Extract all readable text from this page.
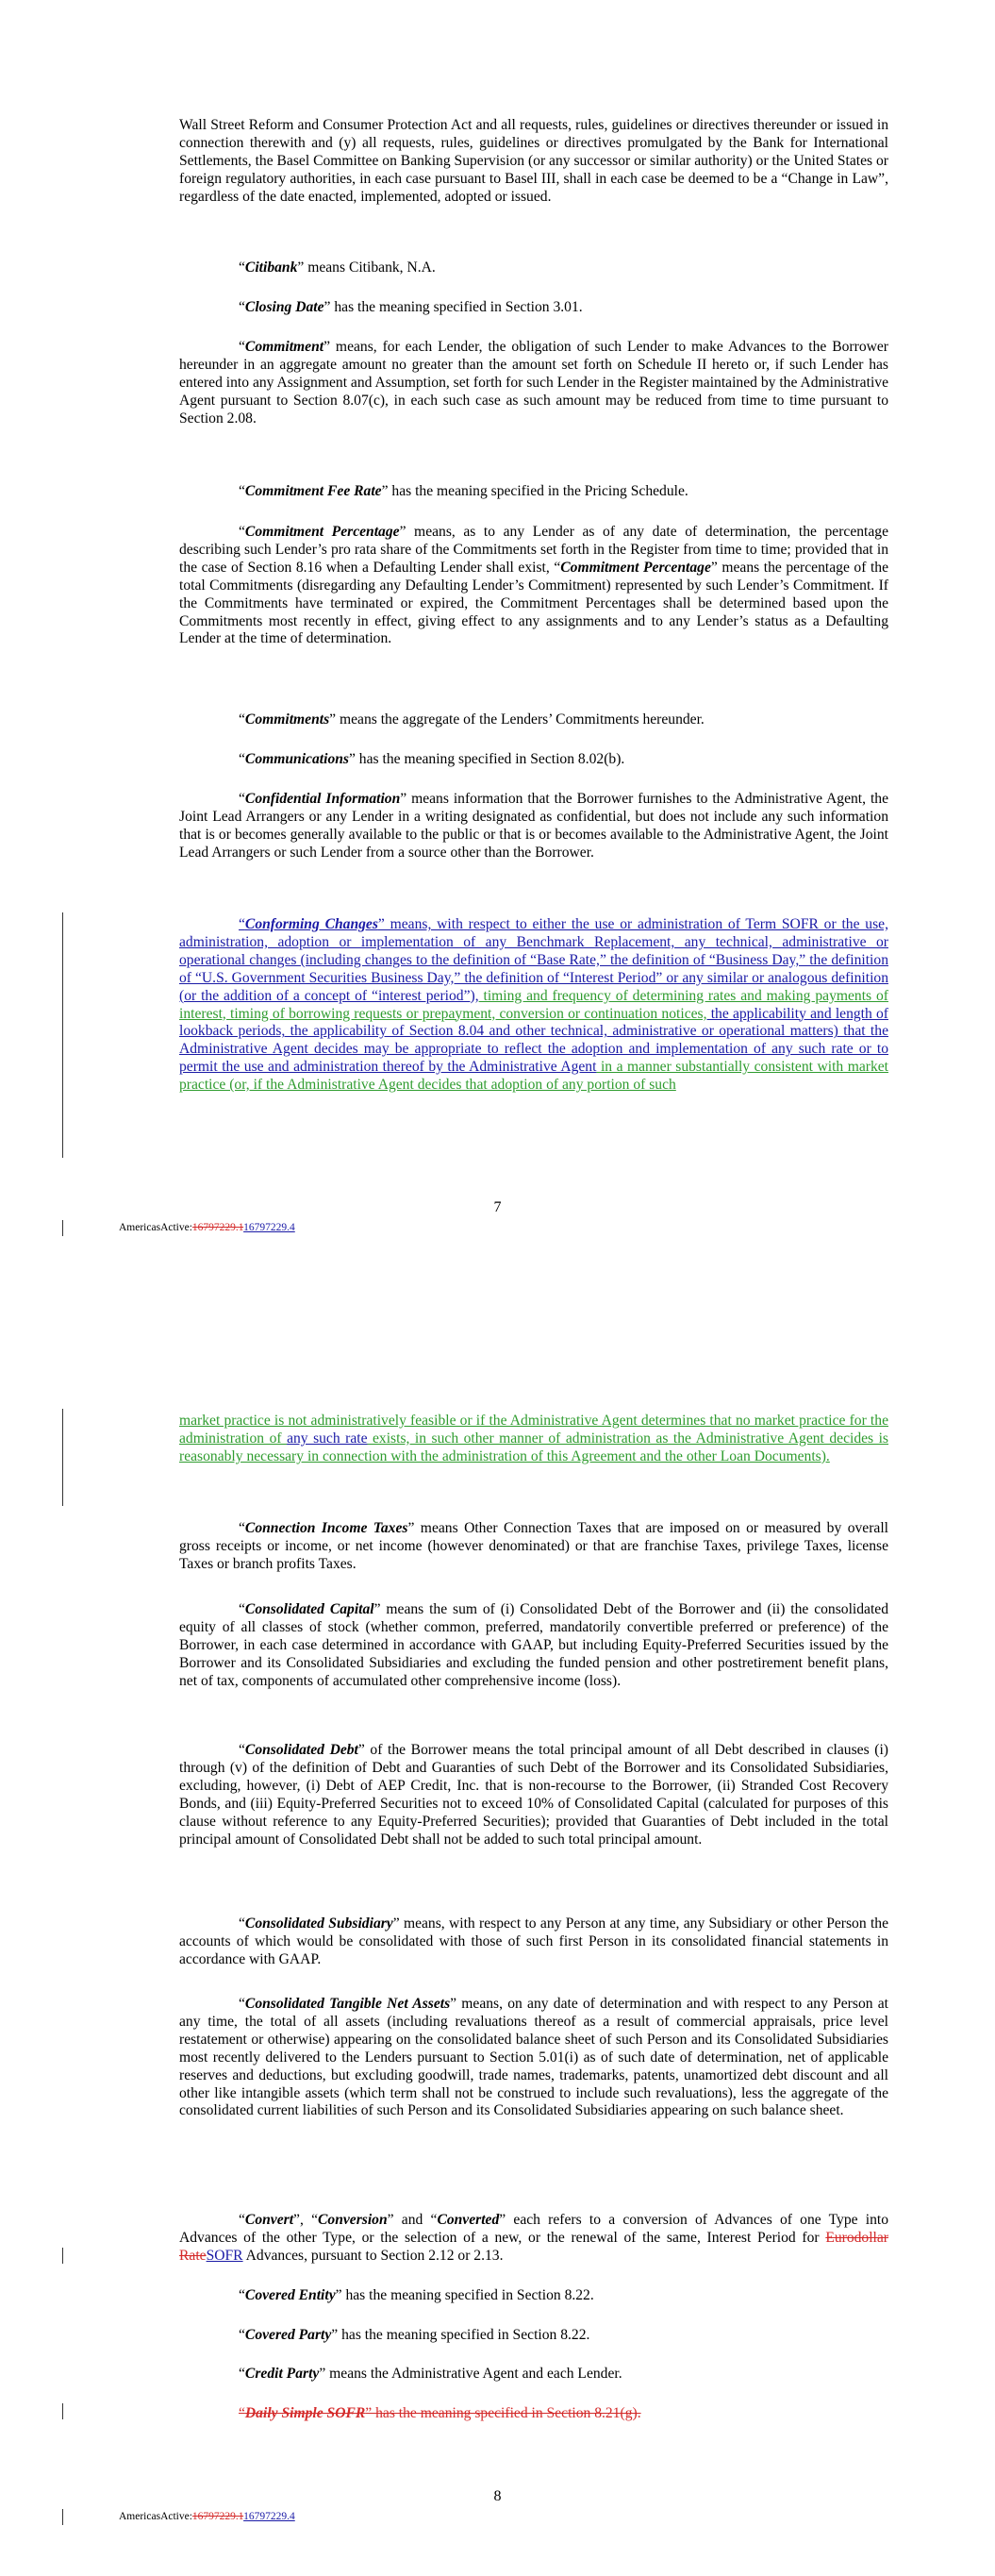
Wall Street Reform and Consumer Protection Act and all requests, rules, guidelines or directives thereunder or issued in connection therewith and (y) all requests, rules, guidelines or directives promulgated by the Bank for International Settlements, the Basel Committee on Banking Supervision (or any successor or similar authority) or the United States or foreign regulatory authorities, in each case pursuant to Basel III, shall in each case be deemed to be a “Change in Law”, regardless of the date enacted, implemented, adopted or issued.

“Citibank” means Citibank, N.A.

“Closing Date” has the meaning specified in Section 3.01.

“Commitment” means, for each Lender, the obligation of such Lender to make Advances to the Borrower hereunder in an aggregate amount no greater than the amount set forth on Schedule II hereto or, if such Lender has entered into any Assignment and Assumption, set forth for such Lender in the Register maintained by the Administrative Agent pursuant to Section 8.07(c), in each such case as such amount may be reduced from time to time pursuant to Section 2.08.

“Commitment Fee Rate” has the meaning specified in the Pricing Schedule.

“Commitment Percentage” means, as to any Lender as of any date of determination, the percentage describing such Lender’s pro rata share of the Commitments set forth in the Register from time to time; provided that in the case of Section 8.16 when a Defaulting Lender shall exist, “Commitment Percentage” means the percentage of the total Commitments (disregarding any Defaulting Lender’s Commitment) represented by such Lender’s Commitment. If the Commitments have terminated or expired, the Commitment Percentages shall be determined based upon the Commitments most recently in effect, giving effect to any assignments and to any Lender’s status as a Defaulting Lender at the time of determination.

“Commitments” means the aggregate of the Lenders’ Commitments hereunder.

“Communications” has the meaning specified in Section 8.02(b).

“Confidential Information” means information that the Borrower furnishes to the Administrative Agent, the Joint Lead Arrangers or any Lender in a writing designated as confidential, but does not include any such information that is or becomes generally available to the public or that is or becomes available to the Administrative Agent, the Joint Lead Arrangers or such Lender from a source other than the Borrower.

“Conforming Changes” means, with respect to either the use or administration of Term SOFR or the use, administration, adoption or implementation of any Benchmark Replacement, any technical, administrative or operational changes (including changes to the definition of “Base Rate,” the definition of “Business Day,” the definition of “U.S. Government Securities Business Day,” the definition of “Interest Period” or any similar or analogous definition (or the addition of a concept of “interest period”), timing and frequency of determining rates and making payments of interest, timing of borrowing requests or prepayment, conversion or continuation notices, the applicability and length of lookback periods, the applicability of Section 8.04 and other technical, administrative or operational matters) that the Administrative Agent decides may be appropriate to reflect the adoption and implementation of any such rate or to permit the use and administration thereof by the Administrative Agent in a manner substantially consistent with market practice (or, if the Administrative Agent decides that adoption of any portion of such

7
AmericasActive:16797229.116797229.4

market practice is not administratively feasible or if the Administrative Agent determines that no market practice for the administration of any such rate exists, in such other manner of administration as the Administrative Agent decides is reasonably necessary in connection with the administration of this Agreement and the other Loan Documents).

“Connection Income Taxes” means Other Connection Taxes that are imposed on or measured by overall gross receipts or income, or net income (however denominated) or that are franchise Taxes, privilege Taxes, license Taxes or branch profits Taxes.

“Consolidated Capital” means the sum of (i) Consolidated Debt of the Borrower and (ii) the consolidated equity of all classes of stock (whether common, preferred, mandatorily convertible preferred or preference) of the Borrower, in each case determined in accordance with GAAP, but including Equity-Preferred Securities issued by the Borrower and its Consolidated Subsidiaries and excluding the funded pension and other postretirement benefit plans, net of tax, components of accumulated other comprehensive income (loss).

“Consolidated Debt” of the Borrower means the total principal amount of all Debt described in clauses (i) through (v) of the definition of Debt and Guaranties of such Debt of the Borrower and its Consolidated Subsidiaries, excluding, however, (i) Debt of AEP Credit, Inc. that is non-recourse to the Borrower, (ii) Stranded Cost Recovery Bonds, and (iii) Equity-Preferred Securities not to exceed 10% of Consolidated Capital (calculated for purposes of this clause without reference to any Equity-Preferred Securities); provided that Guaranties of Debt included in the total principal amount of Consolidated Debt shall not be added to such total principal amount.

“Consolidated Subsidiary” means, with respect to any Person at any time, any Subsidiary or other Person the accounts of which would be consolidated with those of such first Person in its consolidated financial statements in accordance with GAAP.

“Consolidated Tangible Net Assets” means, on any date of determination and with respect to any Person at any time, the total of all assets (including revaluations thereof as a result of commercial appraisals, price level restatement or otherwise) appearing on the consolidated balance sheet of such Person and its Consolidated Subsidiaries most recently delivered to the Lenders pursuant to Section 5.01(i) as of such date of determination, net of applicable reserves and deductions, but excluding goodwill, trade names, trademarks, patents, unamortized debt discount and all other like intangible assets (which term shall not be construed to include such revaluations), less the aggregate of the consolidated current liabilities of such Person and its Consolidated Subsidiaries appearing on such balance sheet.

“Convert”, “Conversion” and “Converted” each refers to a conversion of Advances of one Type into Advances of the other Type, or the selection of a new, or the renewal of the same, Interest Period for Eurodollar RateSOFR Advances, pursuant to Section 2.12 or 2.13.

“Covered Entity” has the meaning specified in Section 8.22.

“Covered Party” has the meaning specified in Section 8.22.

“Credit Party” means the Administrative Agent and each Lender.

“Daily Simple SOFR” has the meaning specified in Section 8.21(g).

8
AmericasActive:16797229.116797229.4
